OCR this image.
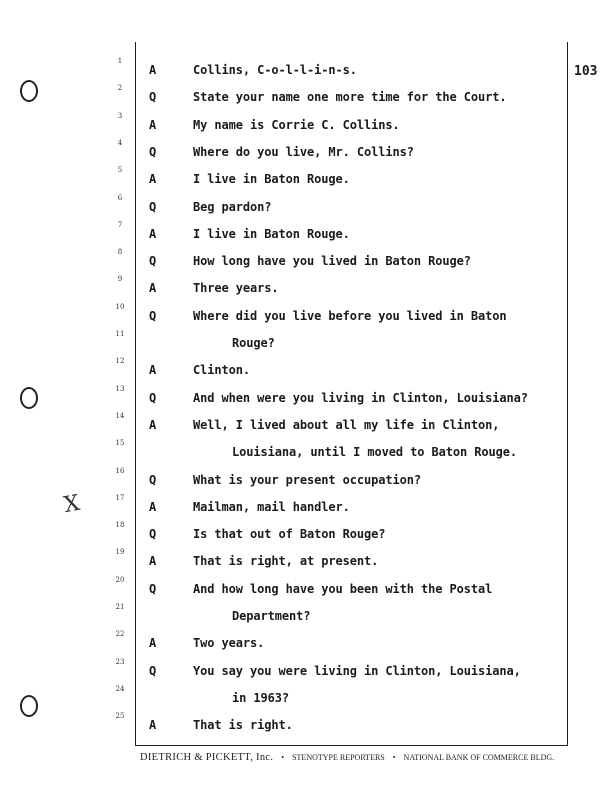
103
X
1
2
3
4
5
6
7
8
9
10
11
12
13
14
15
16
17
18
19
20
21
22
23
24
25
A	Collins, C-o-l-l-i-n-s.
Q	State your name one more time for the Court.
A	My name is Corrie C. Collins.
Q	Where do you live, Mr. Collins?
A	I live in Baton Rouge.
Q	Beg pardon?
A	I live in Baton Rouge.
Q	How long have you lived in Baton Rouge?
A	Three years.
Q	Where did you live before you lived in Baton
Rouge?
A	Clinton.
Q	And when were you living in Clinton, Louisiana?
A	Well, I lived about all my life in Clinton,
Louisiana, until I moved to Baton Rouge.
Q	What is your present occupation?
A	Mailman, mail handler.
Q	Is that out of Baton Rouge?
A	That is right, at present.
Q	And how long have you been with the Postal
Department?
A	Two years.
Q	You say you were living in Clinton, Louisiana,
in 1963?
A	That is right.
DIETRICH & PICKETT, Inc. • STENOTYPE REPORTERS • NATIONAL BANK OF COMMERCE BLDG.
